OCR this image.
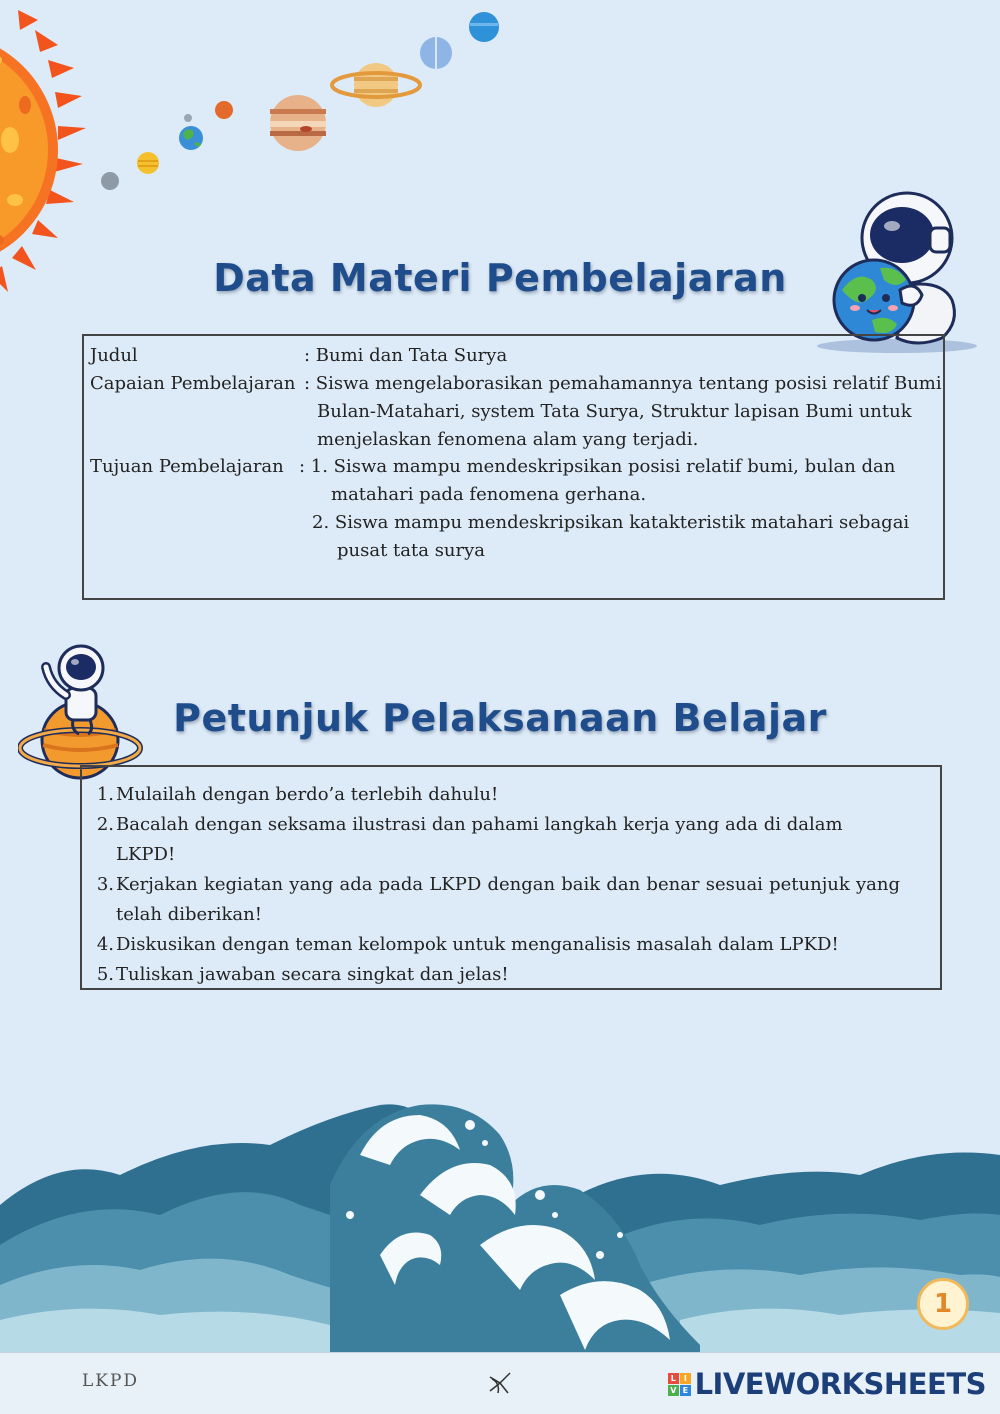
Data Materi Pembelajaran
Judul	: Bumi dan Tata Surya
Capaian Pembelajaran : Siswa mengelaborasikan pemahamannya tentang posisi relatif Bumi
Bulan-Matahari, system Tata Surya, Struktur lapisan Bumi untuk
menjelaskan fenomena alam yang terjadi.
Tujuan Pembelajaran : 1. Siswa mampu mendeskripsikan posisi relatif bumi, bulan dan
matahari pada fenomena gerhana.
2. Siswa mampu mendeskripsikan katakteristik matahari sebagai
pusat tata surya
Petunjuk Pelaksanaan Belajar
1. Mulailah dengan berdo’a terlebih dahulu!
2. Bacalah dengan seksama ilustrasi dan pahami langkah kerja yang ada di dalam LKPD!
3. Kerjakan kegiatan yang ada pada LKPD dengan baik dan benar sesuai petunjuk yang
telah diberikan!
4. Diskusikan dengan teman kelompok untuk menganalisis masalah dalam LPKD!
5. Tuliskan jawaban secara singkat dan jelas!
1
LKPD	L	I
V E LIVEWORKSHEETS
